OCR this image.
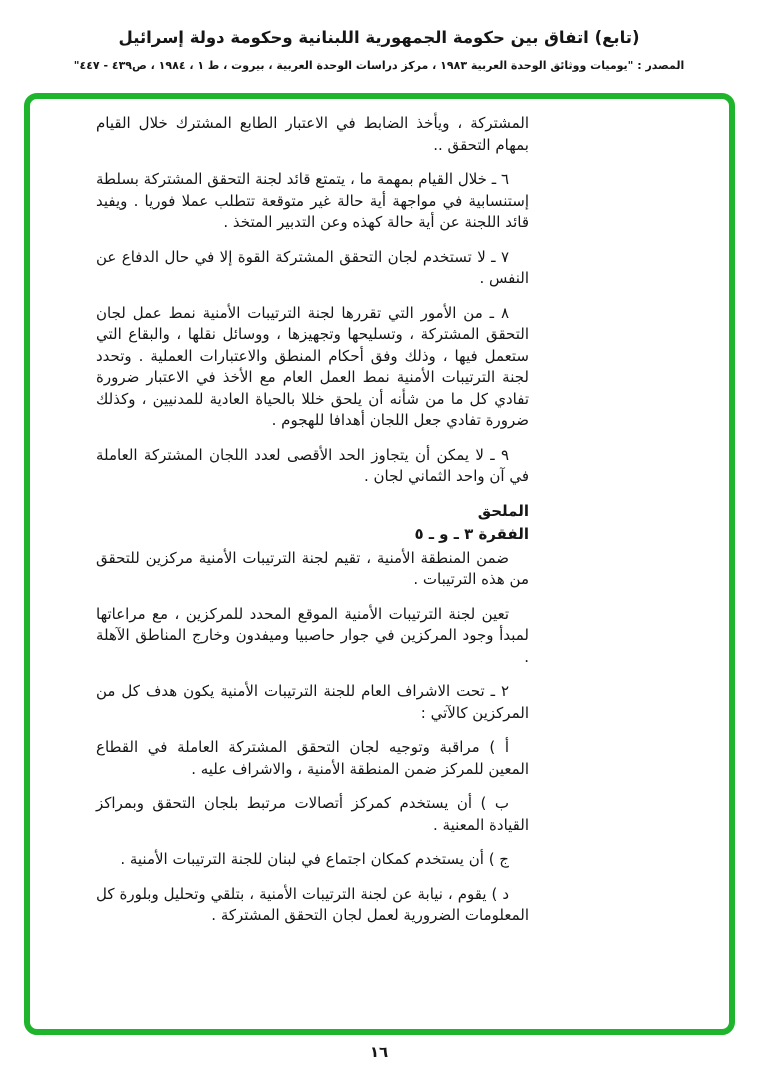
(تابع) اتفاق بين حكومة الجمهورية اللبنانية وحكومة دولة إسرائيل
المصدر : "يوميات ووثائق الوحدة العربية ١٩٨٣ ، مركز دراسات الوحدة العربية ، بيروت ، ط ١ ، ١٩٨٤ ، ص٤٣٩ - ٤٤٧"

المشتركة ، ويأخذ الضابط في الاعتبار الطابع المشترك خلال القيام بمهام التحقق ..

٦ ـ خلال القيام بمهمة ما ، يتمتع قائد لجنة التحقق المشتركة بسلطة إستنسابية في مواجهة أية حالة غير متوقعة تتطلب عملا فوريا . ويفيد قائد اللجنة عن أية حالة كهذه وعن التدبير المتخذ .

٧ ـ لا تستخدم لجان التحقق المشتركة القوة إلا في حال الدفاع عن النفس .

٨ ـ من الأمور التي تقررها لجنة الترتيبات الأمنية نمط عمل لجان التحقق المشتركة ، وتسليحها وتجهيزها ، ووسائل نقلها ، والبقاع التي ستعمل فيها ، وذلك وفق أحكام المنطق والاعتبارات العملية . وتحدد لجنة الترتيبات الأمنية نمط العمل العام مع الأخذ في الاعتبار ضرورة تفادي كل ما من شأنه أن يلحق خللا بالحياة العادية للمدنيين ، وكذلك ضرورة تفادي جعل اللجان أهدافا للهجوم .

٩ ـ لا يمكن أن يتجاوز الحد الأقصى لعدد اللجان المشتركة العاملة في آن واحد الثماني لجان .

الملحق

الفقرة ٣ ـ و ـ ٥

ضمن المنطقة الأمنية ، تقيم لجنة الترتيبات الأمنية مركزين للتحقق من هذه الترتيبات .

تعين لجنة الترتيبات الأمنية الموقع المحدد للمركزين ، مع مراعاتها لمبدأ وجود المركزين في جوار حاصبيا وميفدون وخارج المناطق الآهلة .

٢ ـ تحت الاشراف العام للجنة الترتيبات الأمنية يكون هدف كل من المركزين كالآتي :

أ ) مراقبة وتوجيه لجان التحقق المشتركة العاملة في القطاع المعين للمركز ضمن المنطقة الأمنية ، والاشراف عليه .

ب ) أن يستخدم كمركز أتصالات مرتبط بلجان التحقق وبمراكز القيادة المعنية .

ج ) أن يستخدم كمكان اجتماع في لبنان للجنة الترتيبات الأمنية .

د ) يقوم ، نيابة عن لجنة الترتيبات الأمنية ، بتلقي وتحليل وبلورة كل المعلومات الضرورية لعمل لجان التحقق المشتركة .

١٦
